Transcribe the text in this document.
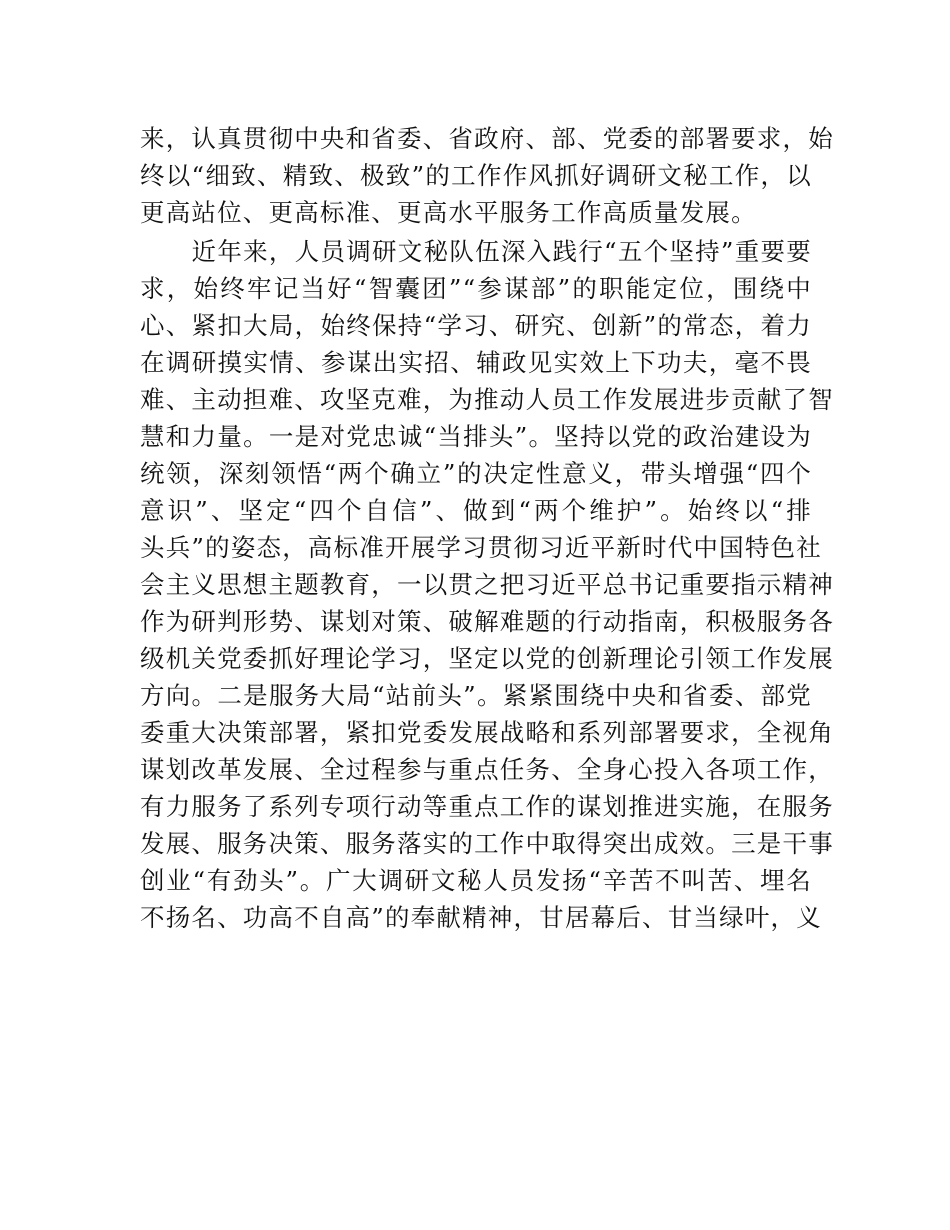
来，认真贯彻中央和省委、省政府、部、党委的部署要求，始
终以“细致、精致、极致”的工作作风抓好调研文秘工作，以
更高站位、更高标准、更高水平服务工作高质量发展。
　　近年来，人员调研文秘队伍深入践行“五个坚持”重要要
求，始终牢记当好“智囊团”“参谋部”的职能定位，围绕中
心、紧扣大局，始终保持“学习、研究、创新”的常态，着力
在调研摸实情、参谋出实招、辅政见实效上下功夫，毫不畏
难、主动担难、攻坚克难，为推动人员工作发展进步贡献了智
慧和力量。一是对党忠诚“当排头”。坚持以党的政治建设为
统领，深刻领悟“两个确立”的决定性意义，带头增强“四个
意识”、坚定“四个自信”、做到“两个维护”。始终以“排
头兵”的姿态，高标准开展学习贯彻习近平新时代中国特色社
会主义思想主题教育，一以贯之把习近平总书记重要指示精神
作为研判形势、谋划对策、破解难题的行动指南，积极服务各
级机关党委抓好理论学习，坚定以党的创新理论引领工作发展
方向。二是服务大局“站前头”。紧紧围绕中央和省委、部党
委重大决策部署，紧扣党委发展战略和系列部署要求，全视角
谋划改革发展、全过程参与重点任务、全身心投入各项工作，
有力服务了系列专项行动等重点工作的谋划推进实施，在服务
发展、服务决策、服务落实的工作中取得突出成效。三是干事
创业“有劲头”。广大调研文秘人员发扬“辛苦不叫苦、埋名
不扬名、功高不自高”的奉献精神，甘居幕后、甘当绿叶，义
